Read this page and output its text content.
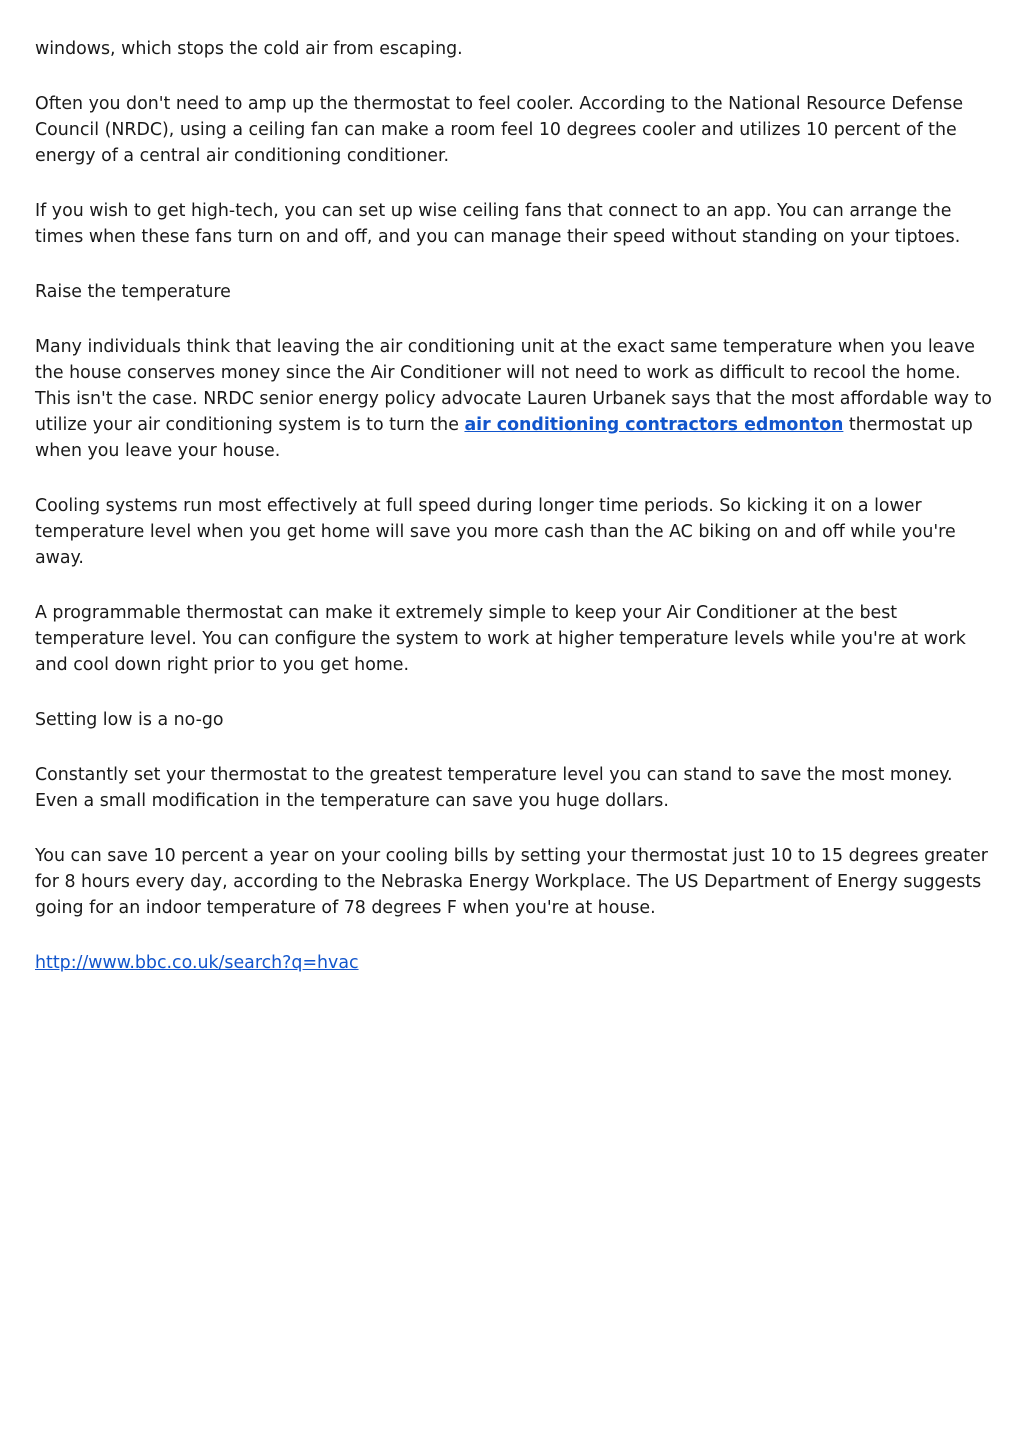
windows, which stops the cold air from escaping.

Often you don't need to amp up the thermostat to feel cooler. According to the National Resource Defense Council (NRDC), using a ceiling fan can make a room feel 10 degrees cooler and utilizes 10 percent of the energy of a central air conditioning conditioner.

If you wish to get high-tech, you can set up wise ceiling fans that connect to an app. You can arrange the times when these fans turn on and off, and you can manage their speed without standing on your tiptoes.

Raise the temperature

Many individuals think that leaving the air conditioning unit at the exact same temperature when you leave the house conserves money since the Air Conditioner will not need to work as difficult to recool the home. This isn't the case. NRDC senior energy policy advocate Lauren Urbanek says that the most affordable way to utilize your air conditioning system is to turn the air conditioning contractors edmonton thermostat up when you leave your house.

Cooling systems run most effectively at full speed during longer time periods. So kicking it on a lower temperature level when you get home will save you more cash than the AC biking on and off while you're away.

A programmable thermostat can make it extremely simple to keep your Air Conditioner at the best temperature level. You can configure the system to work at higher temperature levels while you're at work and cool down right prior to you get home.

Setting low is a no-go

Constantly set your thermostat to the greatest temperature level you can stand to save the most money. Even a small modification in the temperature can save you huge dollars.

You can save 10 percent a year on your cooling bills by setting your thermostat just 10 to 15 degrees greater for 8 hours every day, according to the Nebraska Energy Workplace. The US Department of Energy suggests going for an indoor temperature of 78 degrees F when you're at house.

http://www.bbc.co.uk/search?q=hvac
